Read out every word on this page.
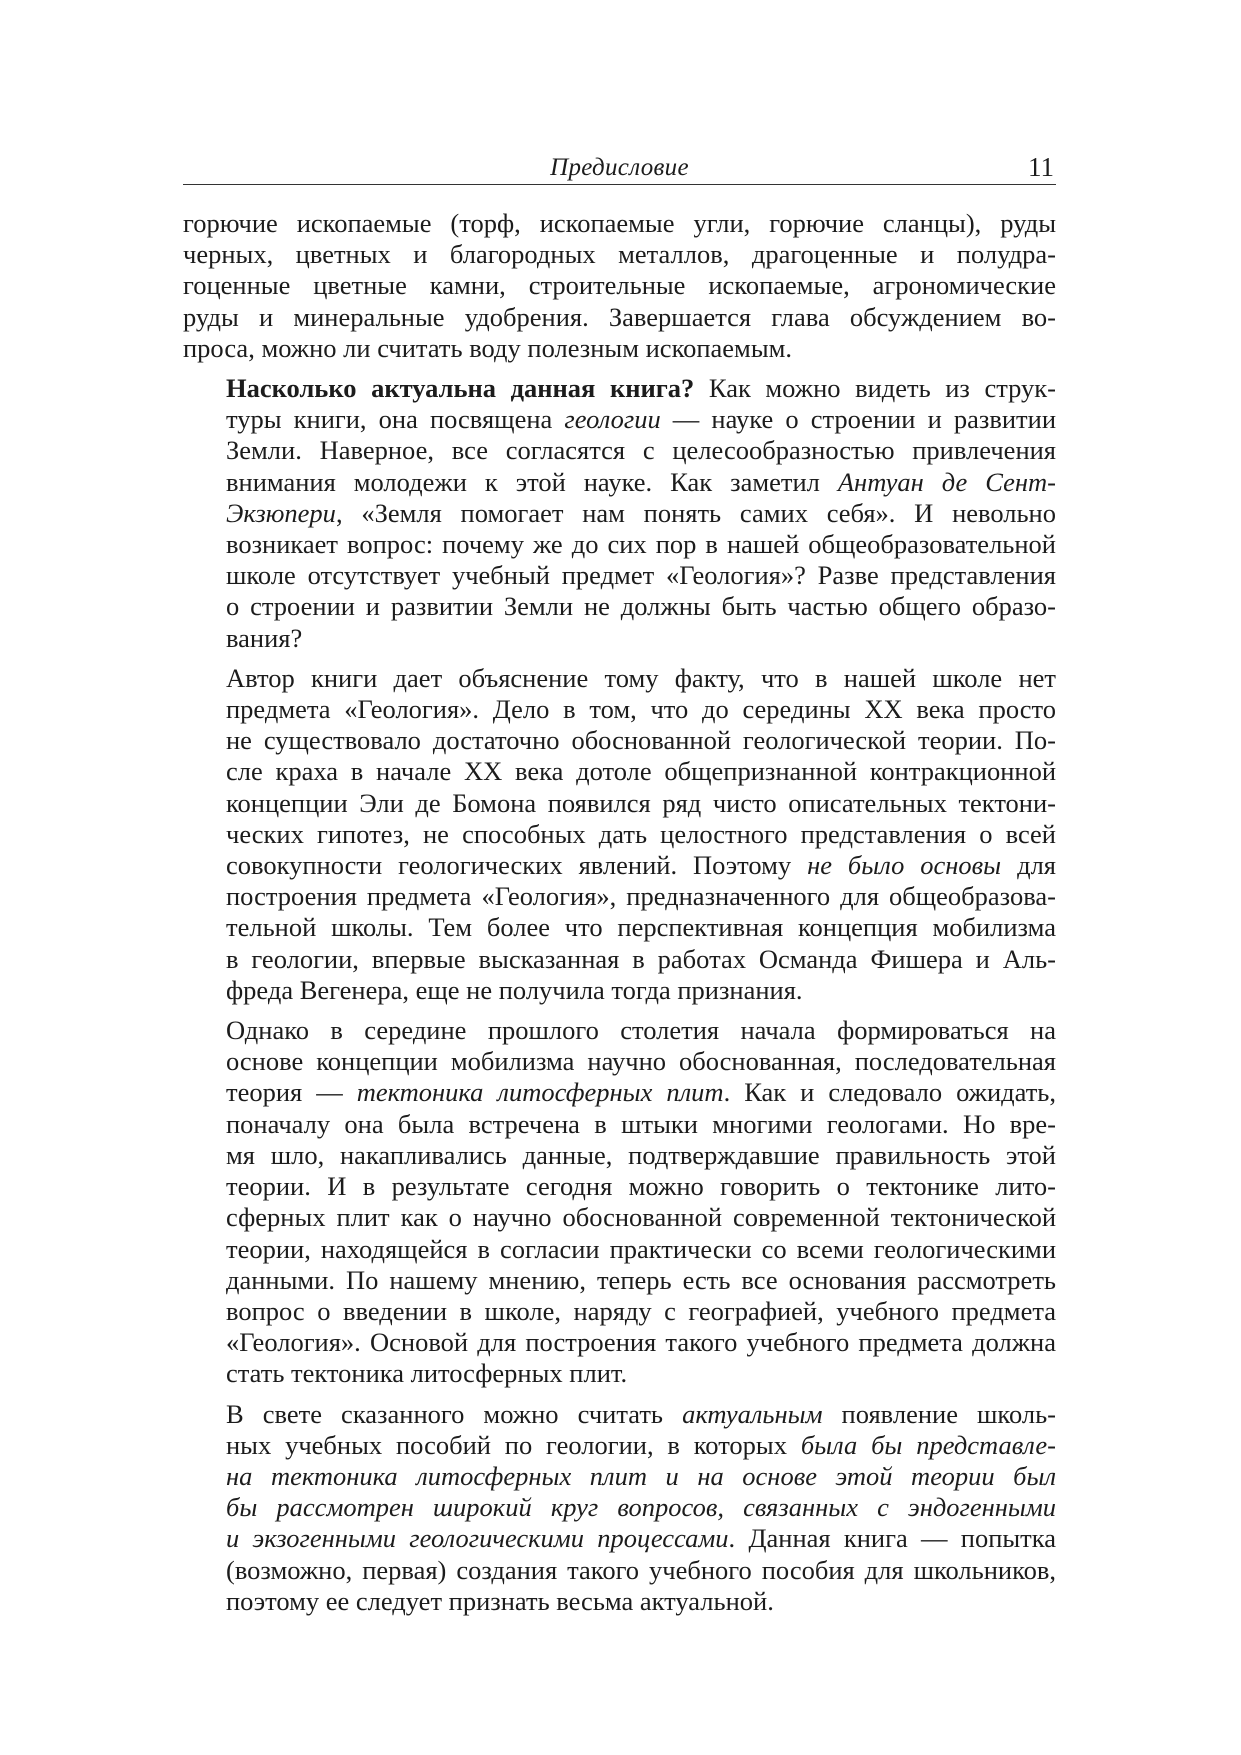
Предисловие	11

горючие ископаемые (торф, ископаемые угли, горючие сланцы), руды
черных, цветных и благородных металлов, драгоценные и полудра-
гоценные цветные камни, строительные ископаемые, агрономические
руды и минеральные удобрения. Завершается глава обсуждением во-
проса, можно ли считать воду полезным ископаемым.

Насколько актуальна данная книга? Как можно видеть из струк-
туры книги, она посвящена геологии — науке о строении и развитии
Земли. Наверное, все согласятся с целесообразностью привлечения
внимания молодежи к этой науке. Как заметил Антуан де Сент-
Экзюпери, «Земля помогает нам понять самих себя». И невольно
возникает вопрос: почему же до сих пор в нашей общеобразовательной
школе отсутствует учебный предмет «Геология»? Разве представления
о строении и развитии Земли не должны быть частью общего образо-
вания?

Автор книги дает объяснение тому факту, что в нашей школе нет
предмета «Геология». Дело в том, что до середины XX века просто
не существовало достаточно обоснованной геологической теории. По-
сле краха в начале XX века дотоле общепризнанной контракционной
концепции Эли де Бомона появился ряд чисто описательных тектони-
ческих гипотез, не способных дать целостного представления о всей
совокупности геологических явлений. Поэтому не было основы для
построения предмета «Геология», предназначенного для общеобразова-
тельной школы. Тем более что перспективная концепция мобилизма
в геологии, впервые высказанная в работах Османда Фишера и Аль-
фреда Вегенера, еще не получила тогда признания.

Однако в середине прошлого столетия начала формироваться на
основе концепции мобилизма научно обоснованная, последовательная
теория — тектоника литосферных плит. Как и следовало ожидать,
поначалу она была встречена в штыки многими геологами. Но вре-
мя шло, накапливались данные, подтверждавшие правильность этой
теории. И в результате сегодня можно говорить о тектонике лито-
сферных плит как о научно обоснованной современной тектонической
теории, находящейся в согласии практически со всеми геологическими
данными. По нашему мнению, теперь есть все основания рассмотреть
вопрос о введении в школе, наряду с географией, учебного предмета
«Геология». Основой для построения такого учебного предмета должна
стать тектоника литосферных плит.

В свете сказанного можно считать актуальным появление школь-
ных учебных пособий по геологии, в которых была бы представле-
на тектоника литосферных плит и на основе этой теории был
бы рассмотрен широкий круг вопросов, связанных с эндогенными
и экзогенными геологическими процессами. Данная книга — попытка
(возможно, первая) создания такого учебного пособия для школьников,
поэтому ее следует признать весьма актуальной.
